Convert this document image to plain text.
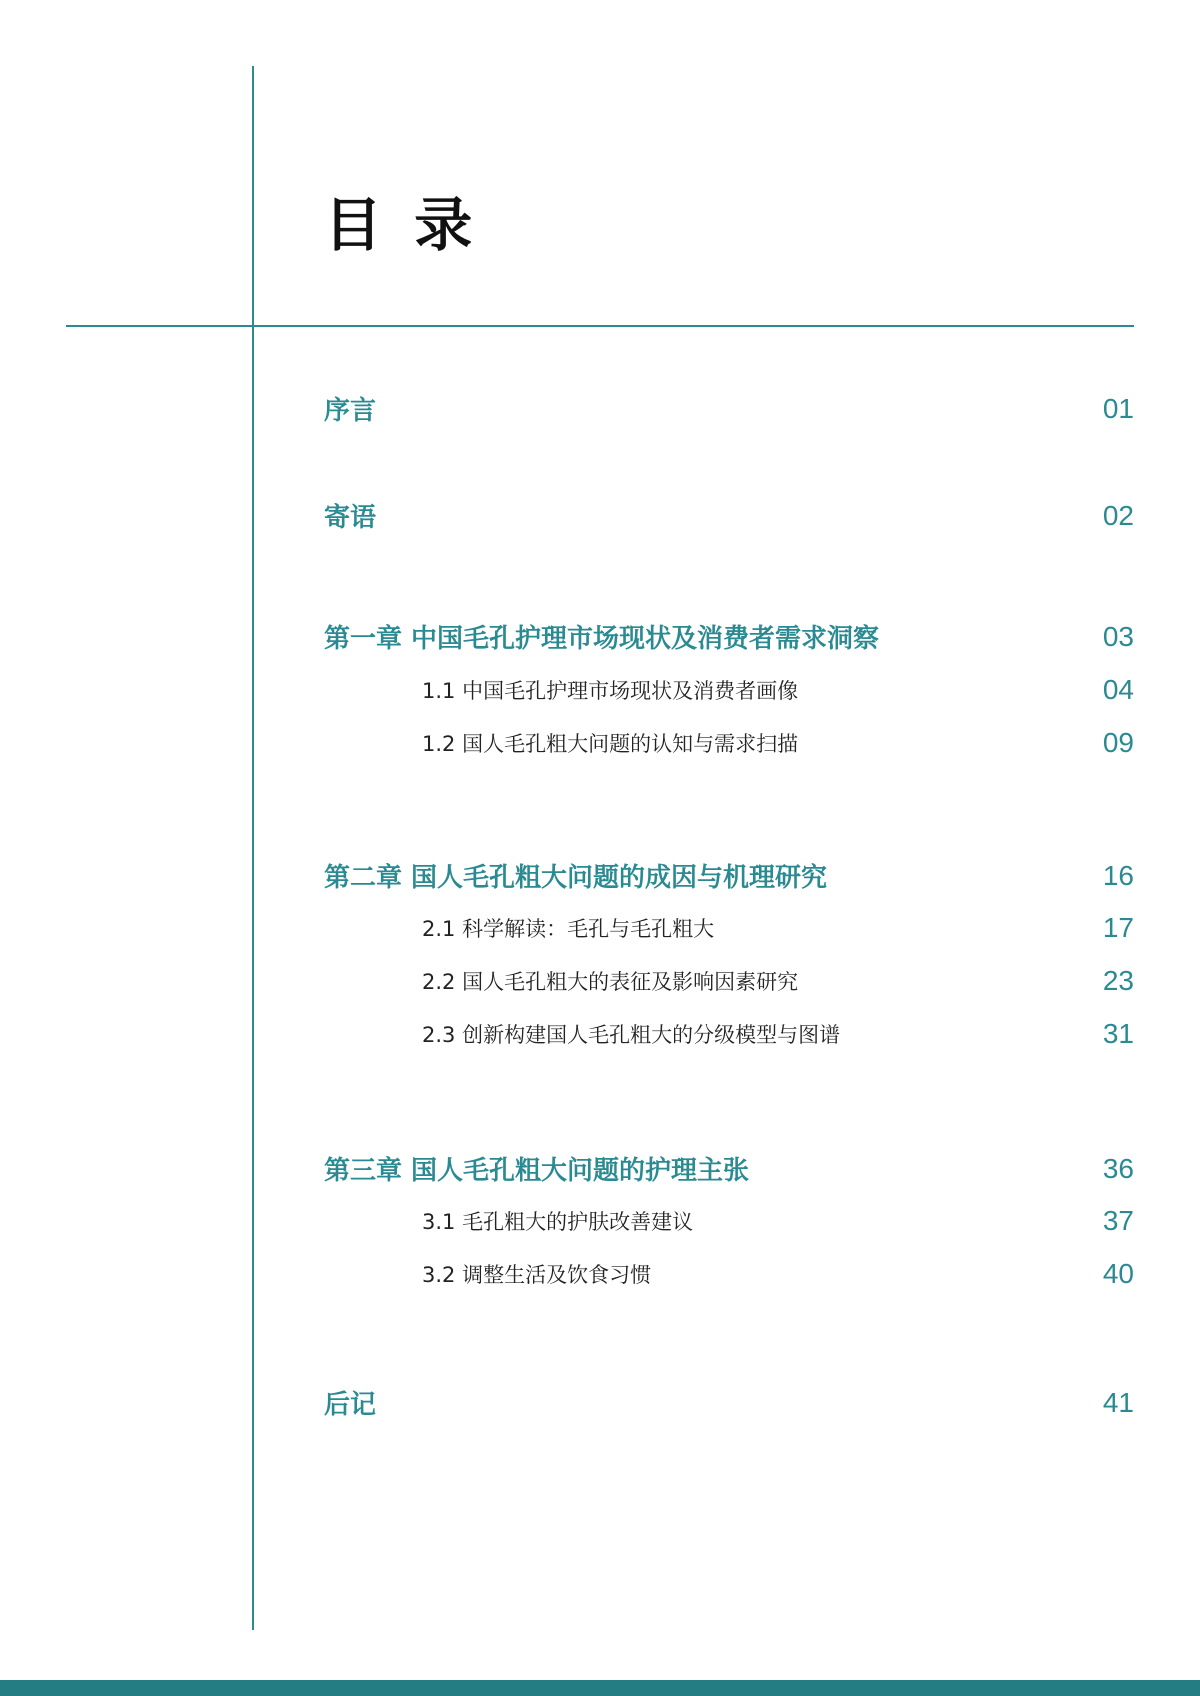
目 录
序言	01
寄语	02
第一章 中国毛孔护理市场现状及消费者需求洞察	03
1.1 中国毛孔护理市场现状及消费者画像	04
1.2 国人毛孔粗大问题的认知与需求扫描	09
第二章 国人毛孔粗大问题的成因与机理研究	16
2.1 科学解读：毛孔与毛孔粗大	17
2.2 国人毛孔粗大的表征及影响因素研究	23
2.3 创新构建国人毛孔粗大的分级模型与图谱	31
第三章 国人毛孔粗大问题的护理主张	36
3.1 毛孔粗大的护肤改善建议	37
3.2 调整生活及饮食习惯	40
后记	41
